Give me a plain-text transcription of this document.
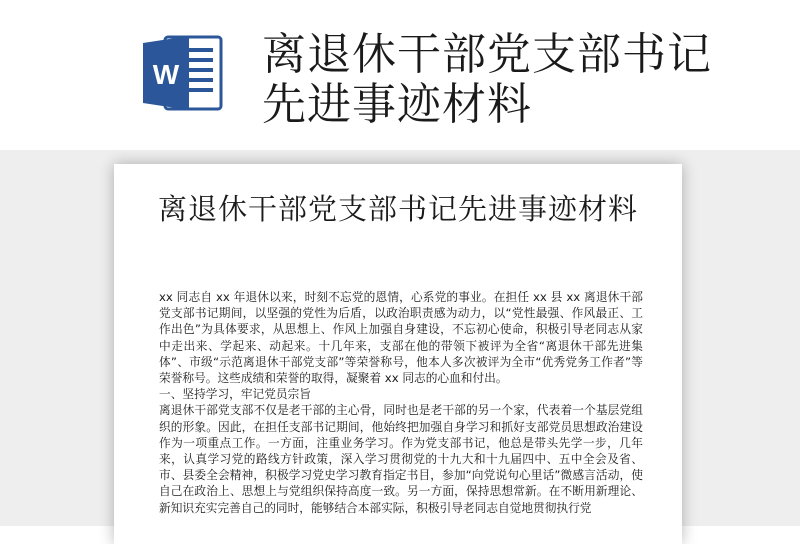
W 离退休干部党支部书记先进事迹材料
离退休干部党支部书记先进事迹材料

xx 同志自 xx 年退休以来，时刻不忘党的恩情，心系党的事业。在担任 xx 县 xx 离退休干部党支部书记期间，以坚强的党性为后盾，以政治职责感为动力，以“党性最强、作风最正、工作出色”为具体要求，从思想上、作风上加强自身建设，不忘初心使命，积极引导老同志从家中走出来、学起来、动起来。十几年来，支部在他的带领下被评为全省“离退休干部先进集体”、市级“示范离退休干部党支部”等荣誉称号，他本人多次被评为全市“优秀党务工作者”等荣誉称号。这些成绩和荣誉的取得，凝聚着 xx 同志的心血和付出。

一、坚持学习，牢记党员宗旨

离退休干部党支部不仅是老干部的主心骨，同时也是老干部的另一个家，代表着一个基层党组织的形象。因此，在担任支部书记期间，他始终把加强自身学习和抓好支部党员思想政治建设作为一项重点工作。一方面，注重业务学习。作为党支部书记，他总是带头先学一步，几年来，认真学习党的路线方针政策，深入学习贯彻党的十九大和十九届四中、五中全会及省、市、县委全会精神，积极学习党史学习教育指定书目，参加“向党说句心里话”微感言活动，使自己在政治上、思想上与党组织保持高度一致。另一方面，保持思想常新。在不断用新理论、新知识充实完善自己的同时，能够结合本部实际，积极引导老同志自觉地贯彻执行党
